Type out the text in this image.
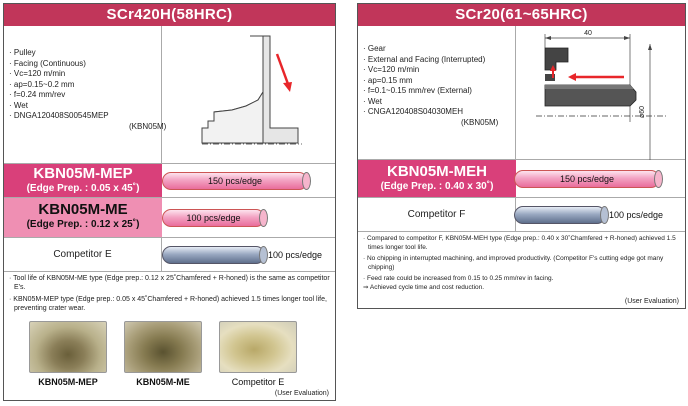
SCr420H(58HRC)
· Pulley
· Facing (Continuous)
· Vc=120 m/min
· ap=0.15~0.2 mm
· f=0.24 mm/rev
· Wet
· DNGA120408S00545MEP
(KBN05M)
KBN05M-MEP
(Edge Prep. : 0.05 x 45˚)
150 pcs/edge
KBN05M-ME
(Edge Prep. : 0.12 x 25˚)
100 pcs/edge
Competitor E	100 pcs/edge
· Tool life of KBN05M-ME type (Edge prep.: 0.12 x 25˚Chamfered + R-honed) is the same as competitor E's.
· KBN05M-MEP type (Edge prep.: 0.05 x 45˚Chamfered + R-honed) achieved 1.5 times longer tool life, preventing crater wear.
KBN05M-MEP	KBN05M-ME	Competitor E
(User Evaluation)
SCr20(61~65HRC)
· Gear
· External and Facing (Interrupted)
· Vc=120 m/min
· ap=0.15 mm
· f=0.1~0.15 mm/rev (External)
· Wet
· CNGA120408S04030MEH
(KBN05M)
40
ø60
KBN05M-MEH
(Edge Prep. : 0.40 x 30˚)
150 pcs/edge
Competitor F	100 pcs/edge
· Compared to competitor F, KBN05M-MEH type (Edge prep.: 0.40 x 30˚Chamfered + R-honed) achieved 1.5 times longer tool life.
· No chipping in interrupted machining, and improved productivity. (Competitor F's cutting edge got many chipping)
· Feed rate could be increased from 0.15 to 0.25 mm/rev in facing.
⇒ Achieved cycle time and cost reduction.
(User Evaluation)
